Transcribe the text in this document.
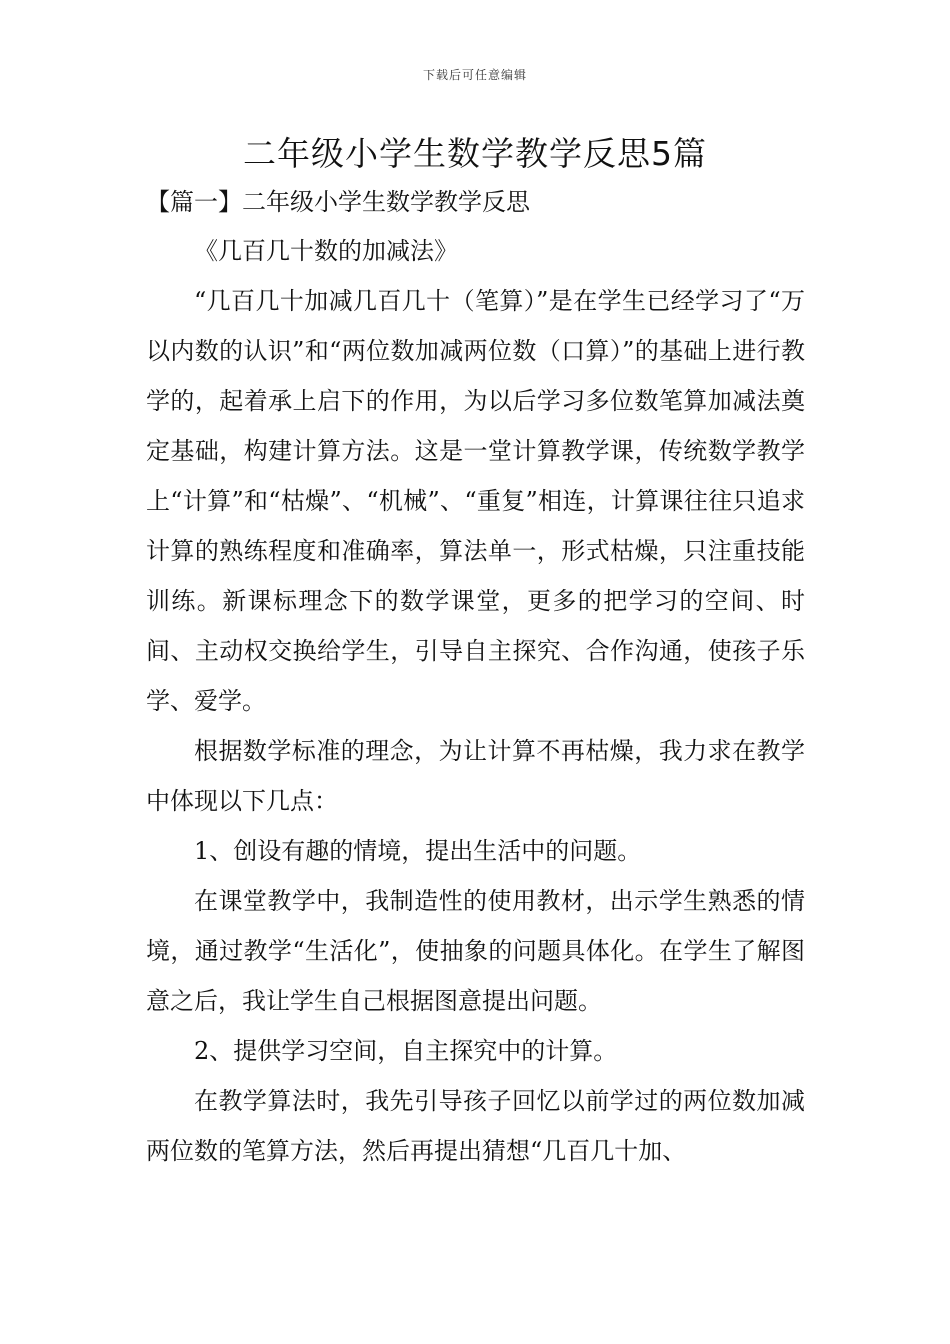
下载后可任意编辑
二年级小学生数学教学反思5篇
【篇一】二年级小学生数学教学反思

《几百几十数的加减法》

“几百几十加减几百几十（笔算）”是在学生已经学习了“万以内数的认识”和“两位数加减两位数（口算）”的基础上进行教学的，起着承上启下的作用，为以后学习多位数笔算加减法奠定基础，构建计算方法。这是一堂计算教学课，传统数学教学上“计算”和“枯燥”、“机械”、“重复”相连，计算课往往只追求计算的熟练程度和准确率，算法单一，形式枯燥，只注重技能训练。新课标理念下的数学课堂，更多的把学习的空间、时间、主动权交换给学生，引导自主探究、合作沟通，使孩子乐学、爱学。

根据数学标准的理念，为让计算不再枯燥，我力求在教学中体现以下几点：

1、创设有趣的情境，提出生活中的问题。

在课堂教学中，我制造性的使用教材，出示学生熟悉的情境，通过教学“生活化”，使抽象的问题具体化。在学生了解图意之后，我让学生自己根据图意提出问题。

2、提供学习空间，自主探究中的计算。

在教学算法时，我先引导孩子回忆以前学过的两位数加减两位数的笔算方法，然后再提出猜想“几百几十加、
